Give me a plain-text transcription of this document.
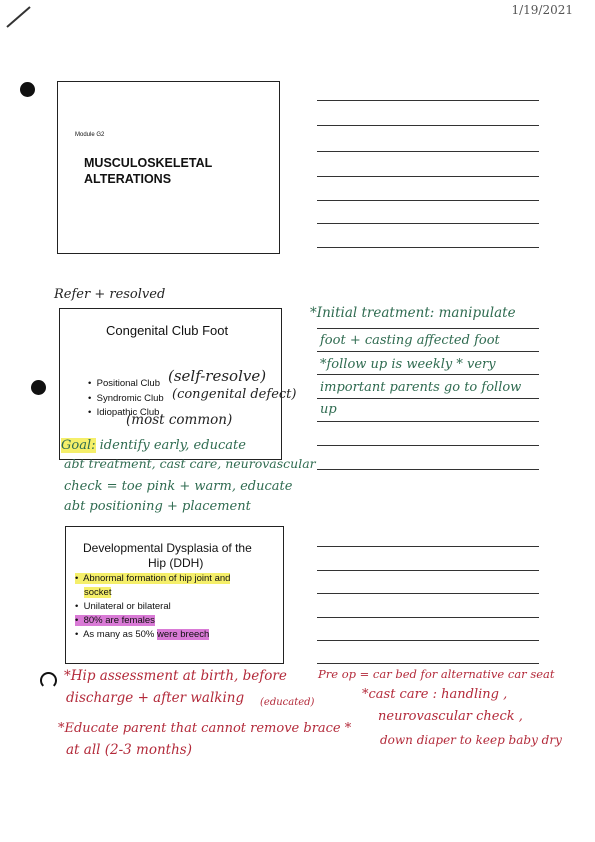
1/19/2021
Module G2
MUSCULOSKELETAL
ALTERATIONS
Refer + resolved
Congenital Club Foot
•  Positional Club
•  Syndromic Club
•  Idiopathic Club
(self-resolve)
(congenital defect)
(most common)
Goal: identify early, educate
abt treatment, cast care, neurovascular
check = toe pink + warm, educate
abt positioning + placement
*Initial treatment: manipulate
foot + casting affected foot
*follow up is weekly * very
important parents go to follow
up
Developmental Dysplasia of the
Hip (DDH)
•  Abnormal formation of hip joint and
socket
•  Unilateral or bilateral
•  80% are females
•  As many as 50% were breech
*Hip assessment at birth, before
discharge + after walking (educated)
*Educate parent that cannot remove brace *
at all (2-3 months)
Pre op = car bed for alternative car seat
*cast care : handling ,
neurovascular check ,
down diaper to keep baby dry
